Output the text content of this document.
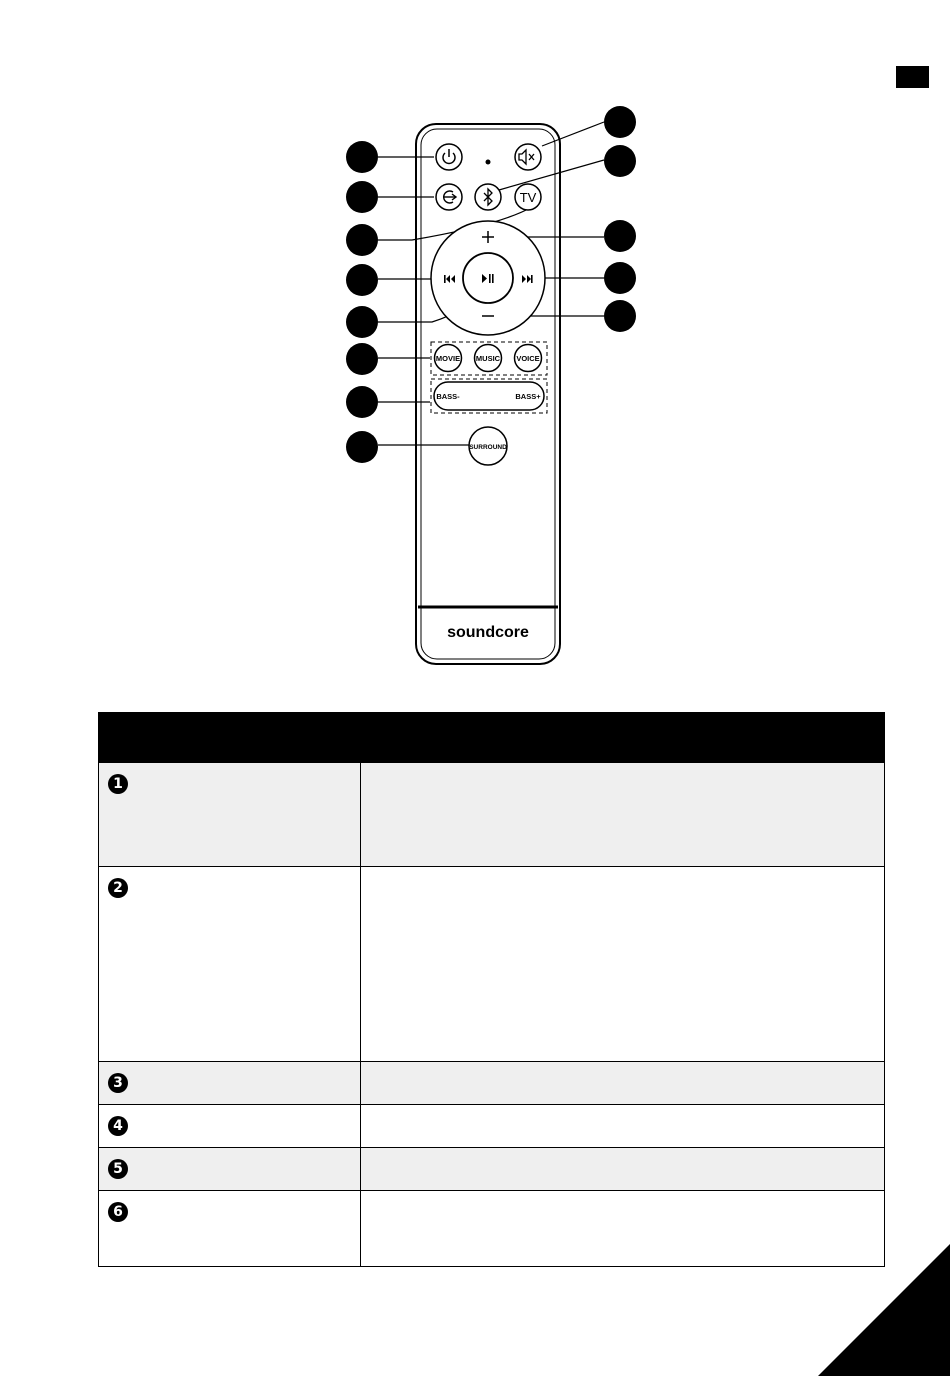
soundcore
TV
MOVIE MUSIC VOICE
BASS-	BASS+
SURROUND

1	
2	
3	
4	
5	
6	
